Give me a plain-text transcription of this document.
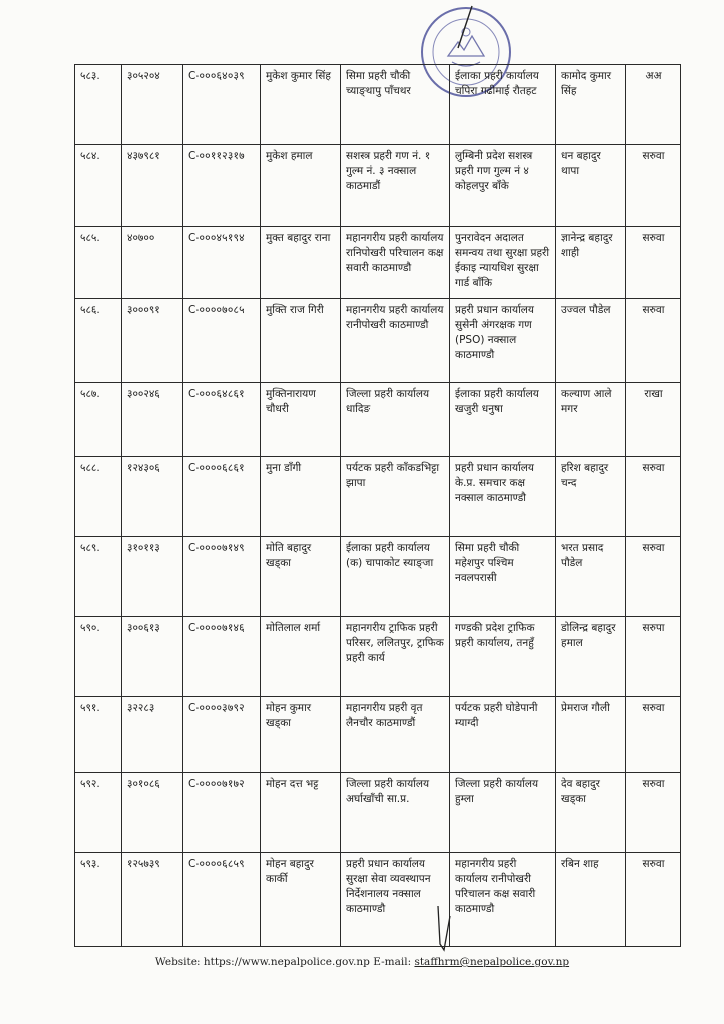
५८३.	३०५२०४	C-०००६४०३९	मुकेश कुमार सिंह	सिमा प्रहरी चौकी च्याङ्थापु पाँचथर	ईलाका प्रहरी कार्यालय चपिरा गढीमाई रौतहट	कामोद कुमार सिंह	अअ
५८४.	४३७९८१	C-००११२३१७	मुकेश हमाल	सशस्त्र प्रहरी गण नं. १ गुल्म नं. ३ नक्साल काठमाडौं	लुम्बिनी प्रदेश सशस्त्र प्रहरी गण गुल्म नं ४ कोहलपुर बाँके	धन बहादुर थापा	सरुवा
५८५.	४०७००	C-०००४५१९४	मुक्त बहादुर राना	महानगरीय प्रहरी कार्यालय रानिपोखरी परिचालन कक्ष सवारी काठमाण्डौ	पुनरावेदन अदालत समन्वय तथा सुरक्षा प्रहरी ईकाइ न्यायधिश सुरक्षा गार्ड बाँकि	ज्ञानेन्द्र बहादुर शाही	सरुवा
५८६.	३०००९१	C-००००७०८५	मुक्ति राज गिरी	महानगरीय प्रहरी कार्यालय रानीपोखरी काठमाण्डौ	प्रहरी प्रधान कार्यालय सुसेनी अंगरक्षक गण (PSO) नक्साल काठमाण्डौ	उज्वल पौडेल	सरुवा
५८७.	३००२४६	C-०००६४८६१	मुक्तिनारायण चौधरी	जिल्ला प्रहरी कार्यालय धादिङ	ईलाका प्रहरी कार्यालय खजुरी धनुषा	कल्याण आले मगर	राखा
५८८.	१२४३०६	C-००००६८६१	मुना डाँगी	पर्यटक प्रहरी काँकडभिट्टा झापा	प्रहरी प्रधान कार्यालय के.प्र. समचार कक्ष नक्साल काठमाण्डौ	हरिश बहादुर चन्द	सरुवा
५८९.	३१०११३	C-००००७१४९	मोति बहादुर खड्का	ईलाका प्रहरी कार्यालय (क) चापाकोट स्याङ्जा	सिमा प्रहरी चौकी महेशपुर पश्चिम नवलपरासी	भरत प्रसाद पौडेल	सरुवा
५९०.	३००६१३	C-००००७१४६	मोतिलाल शर्मा	महानगरीय ट्राफिक प्रहरी परिसर, ललितपुर, ट्राफिक प्रहरी कार्य	गण्डकी प्रदेश ट्राफिक प्रहरी कार्यालय, तनहुँ	डोलिन्द्र बहादुर हमाल	सरुपा
५९१.	३२२८३	C-००००३७९२	मोहन कुमार खड्का	महानगरीय प्रहरी वृत लैनचौर काठमाण्डौं	पर्यटक प्रहरी घोडेपानी म्याग्दी	प्रेमराज गौली	सरुवा
५९२.	३०१०८६	C-००००७१७२	मोहन दत्त भट्ट	जिल्ला प्रहरी कार्यालय अर्घाखाँची सा.प्र.	जिल्ला प्रहरी कार्यालय हुम्ला	देव बहादुर खड्का	सरुवा
५९३.	१२५७३९	C-००००६८५९	मोहन बहादुर कार्की	प्रहरी प्रधान कार्यालय सुरक्षा सेवा व्यवस्थापन निर्देशनालय नक्साल काठमाण्डौ	महानगरीय प्रहरी कार्यालय रानीपोखरी परिचालन कक्ष सवारी काठमाण्डौ	रबिन शाह	सरुवा
Website: https://www.nepalpolice.gov.np E-mail: staffhrm@nepalpolice.gov.np
